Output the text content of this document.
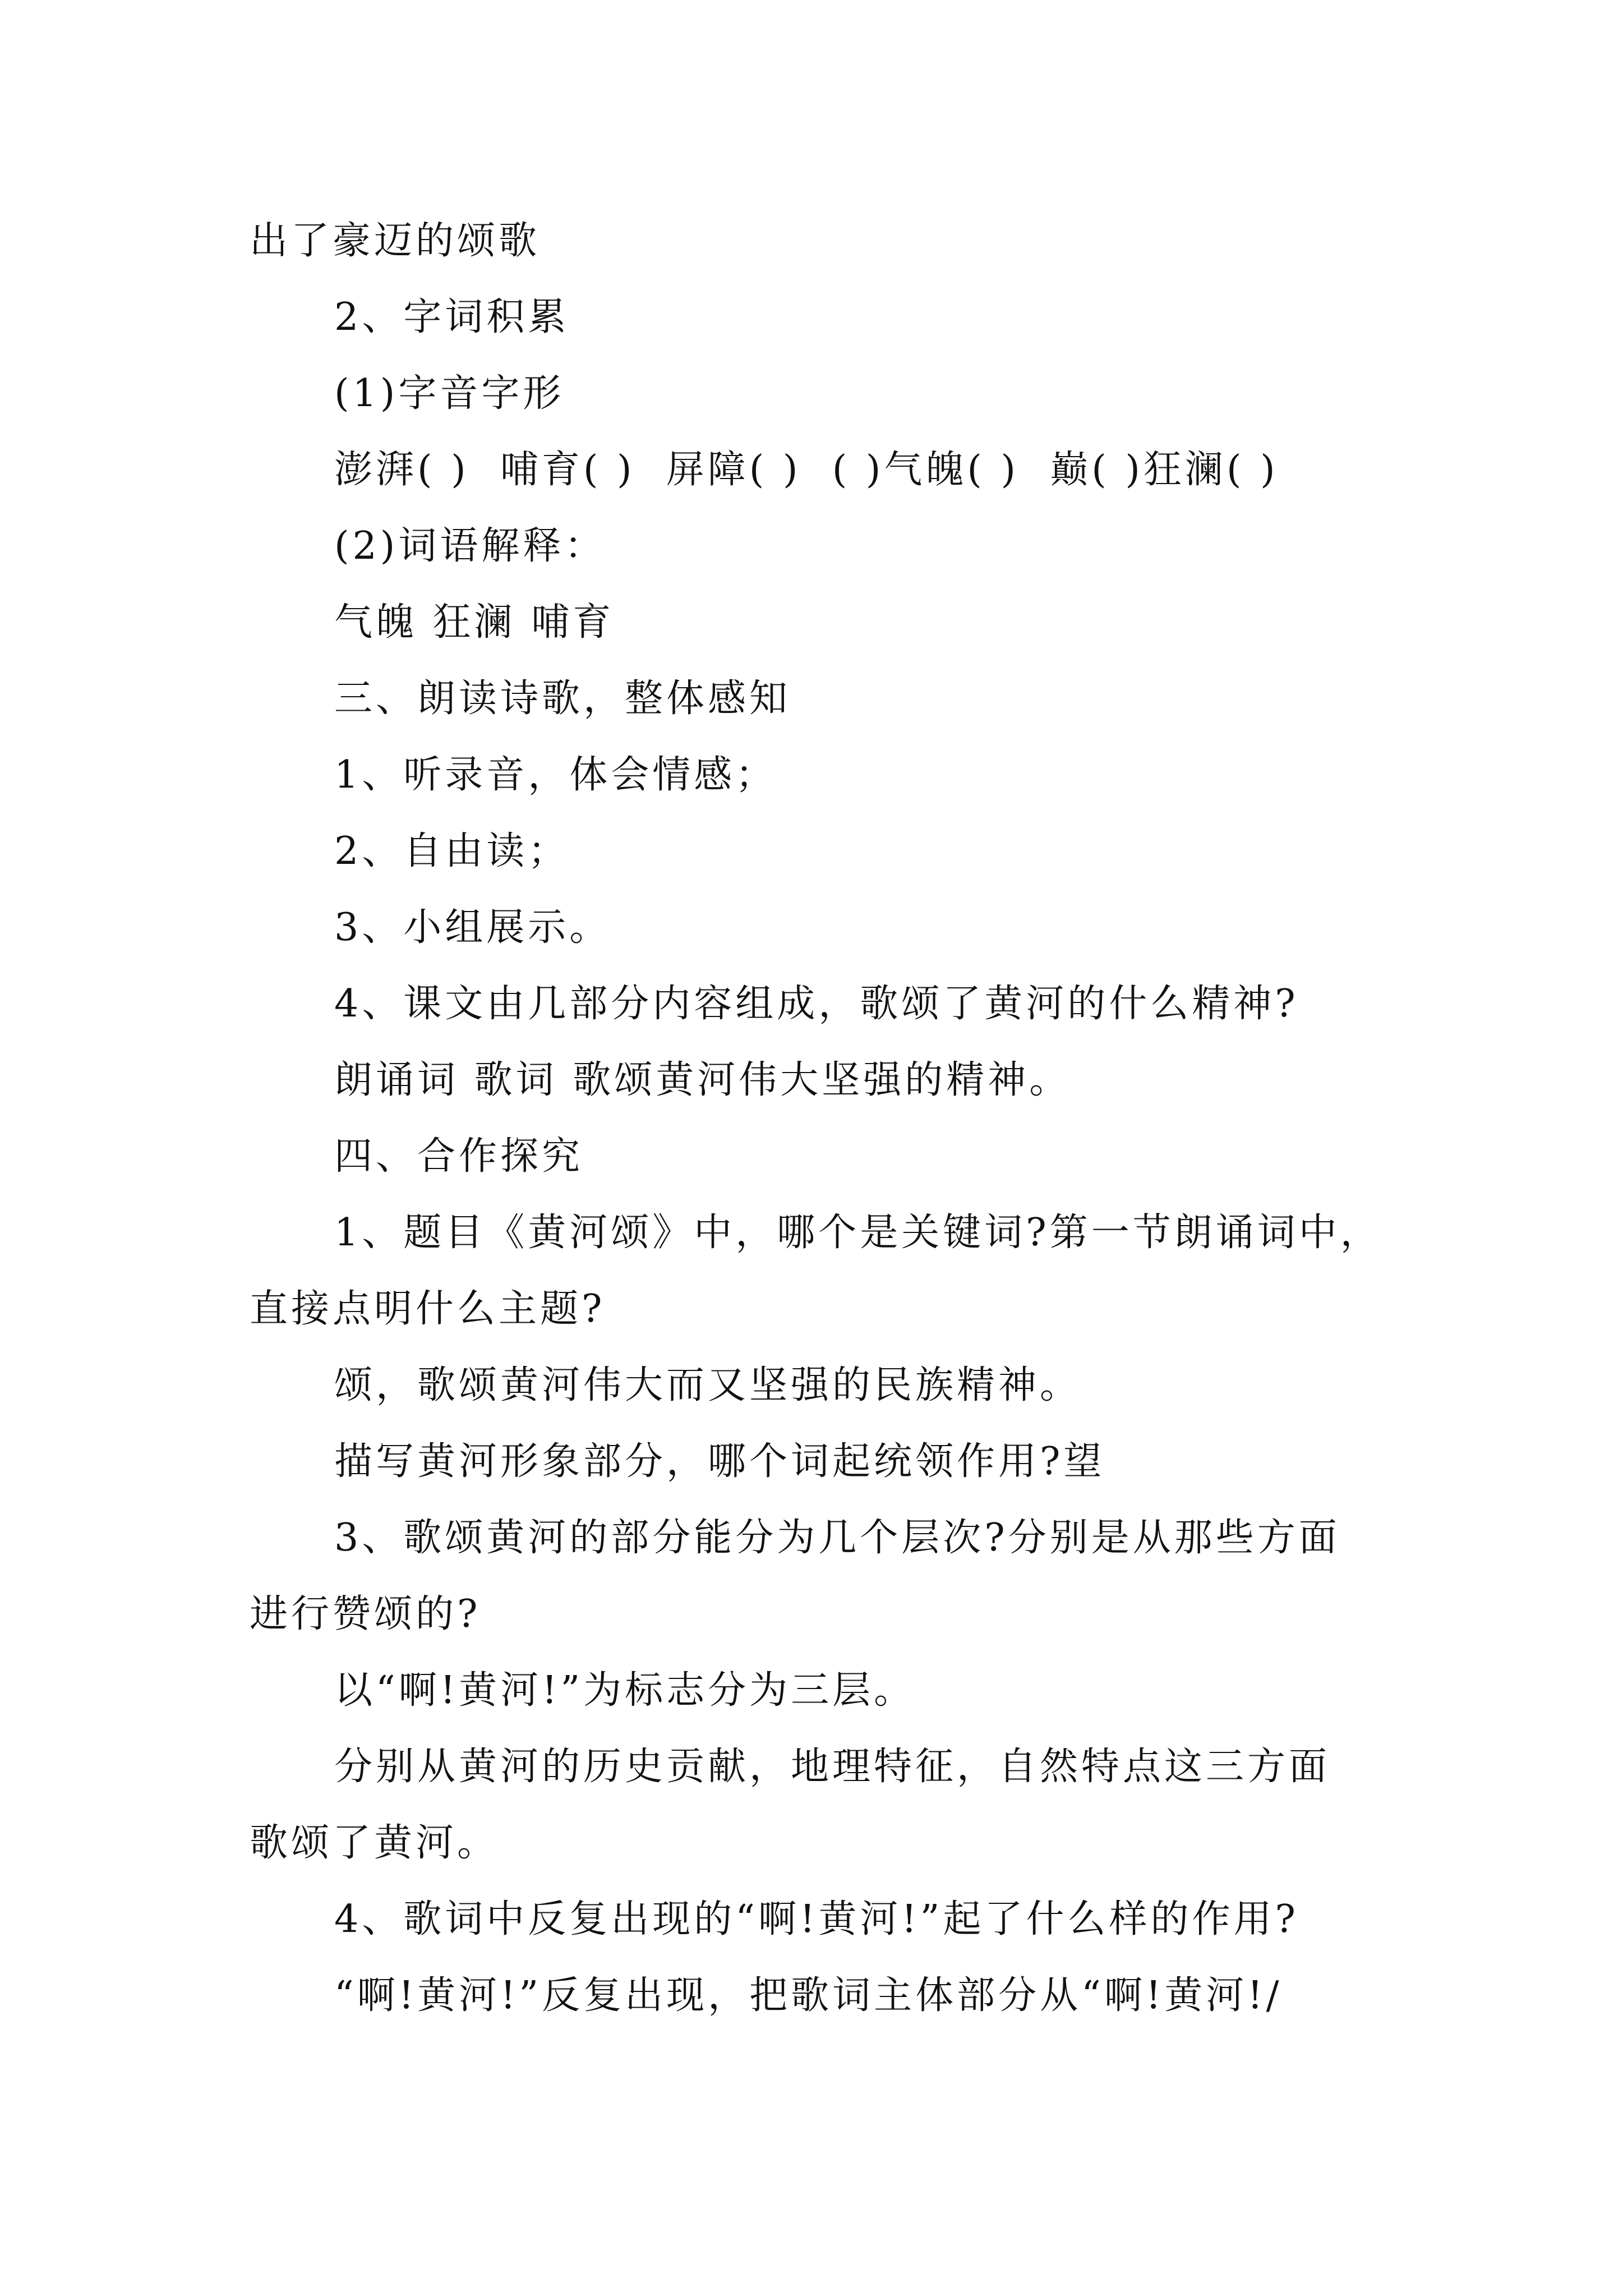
出了豪迈的颂歌
2、字词积累
(1)字音字形
澎湃( )  哺育( )  屏障( )  ( )气魄( )  巅( )狂澜( )
(2)词语解释：
气魄 狂澜 哺育
三、朗读诗歌，整体感知
1、听录音，体会情感；
2、自由读；
3、小组展示。
4、课文由几部分内容组成，歌颂了黄河的什么精神?
朗诵词 歌词 歌颂黄河伟大坚强的精神。
四、合作探究
1、题目《黄河颂》中，哪个是关键词?第一节朗诵词中，
直接点明什么主题?
颂，歌颂黄河伟大而又坚强的民族精神。
描写黄河形象部分，哪个词起统领作用?望
3、歌颂黄河的部分能分为几个层次?分别是从那些方面
进行赞颂的?
以“啊!黄河!”为标志分为三层。
分别从黄河的历史贡献，地理特征，自然特点这三方面
歌颂了黄河。
4、歌词中反复出现的“啊!黄河!”起了什么样的作用?
“啊!黄河!”反复出现，把歌词主体部分从“啊!黄河!/
